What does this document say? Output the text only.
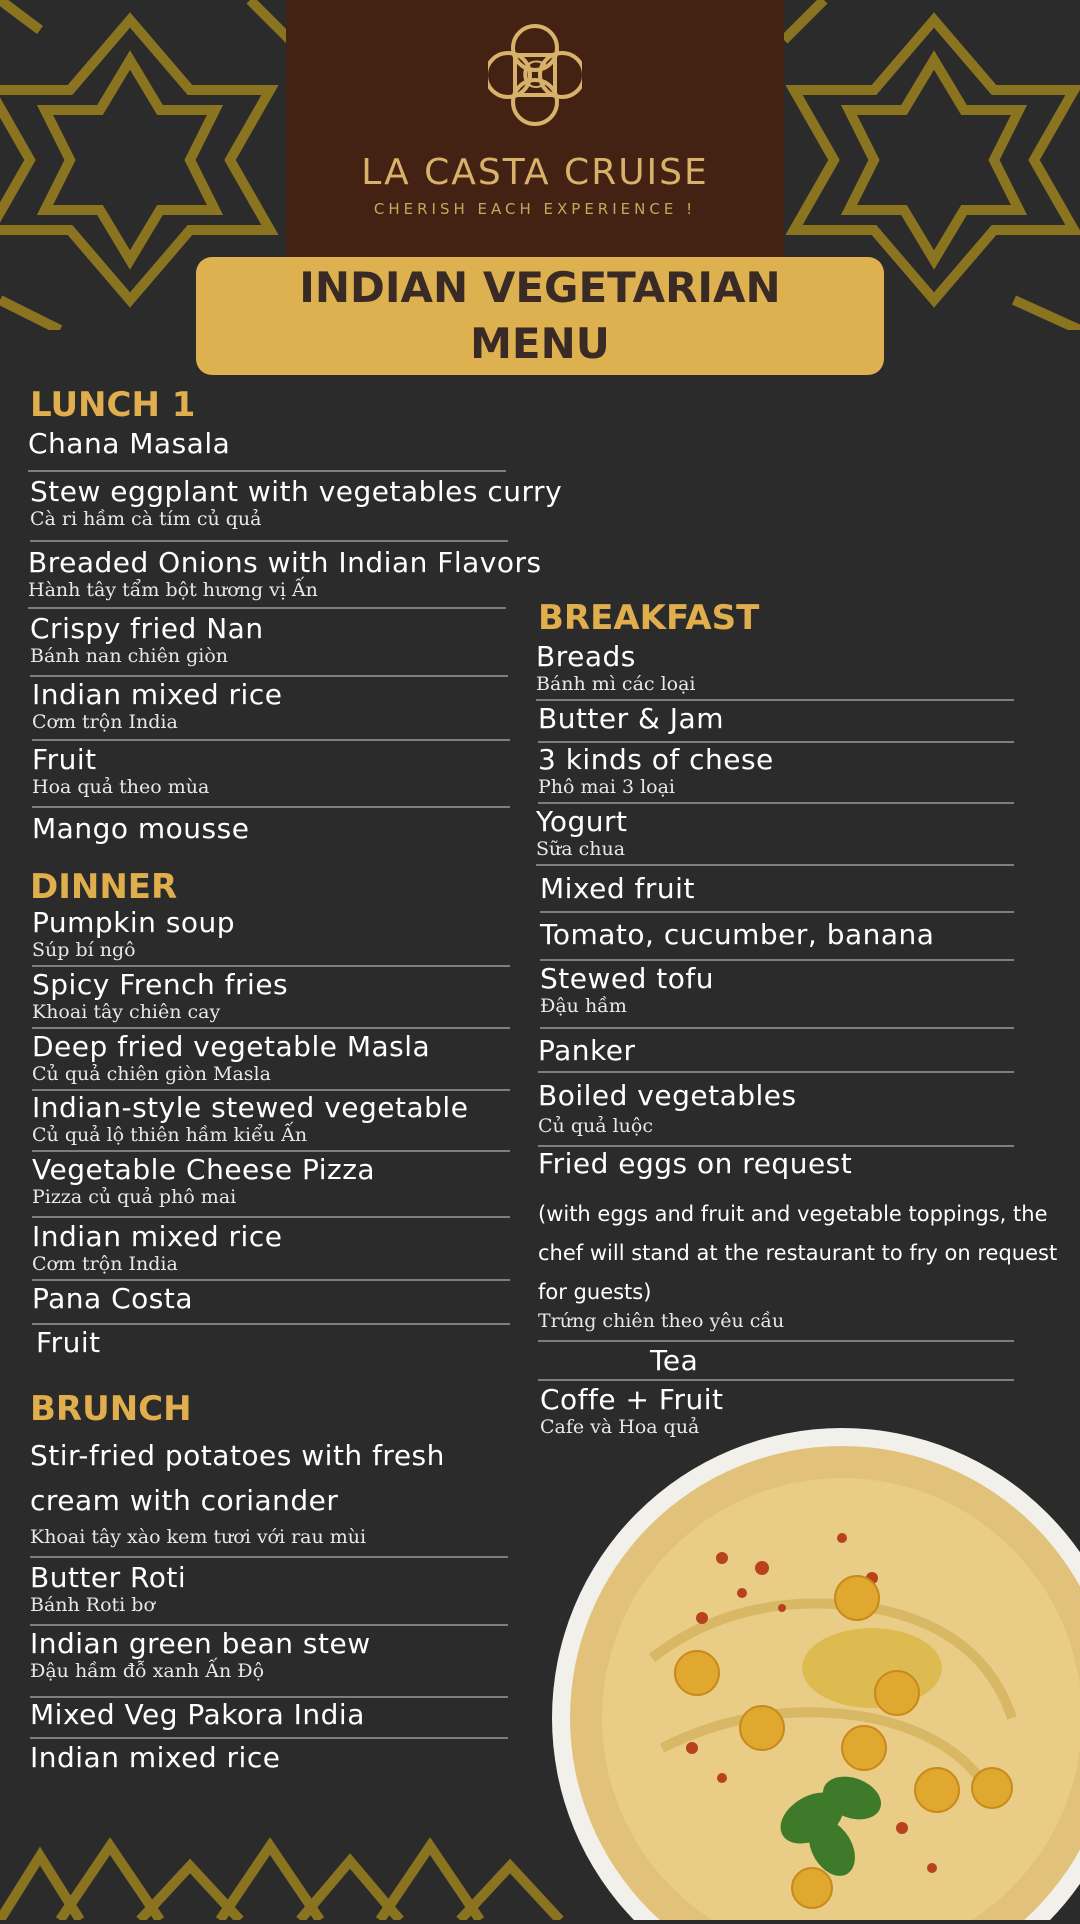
C
LA CASTA CRUISE
CHERISH EACH EXPERIENCE !
INDIAN VEGETARIAN
MENU
LUNCH 1
Chana Masala
Stew eggplant with vegetables curry
Cà ri hầm cà tím củ quả
Breaded Onions with Indian Flavors
Hành tây tẩm bột hương vị Ấn
Crispy fried Nan
Bánh nan chiên giòn
Indian mixed rice
Cơm trộn India
Fruit
Hoa quả theo mùa
Mango mousse
DINNER
Pumpkin soup
Súp bí ngô
Spicy French fries
Khoai tây chiên cay
Deep fried vegetable Masla
Củ quả chiên giòn Masla
Indian-style stewed vegetable
Củ quả lộ thiên hầm kiểu Ấn
Vegetable Cheese Pizza
Pizza củ quả phô mai
Indian mixed rice
Cơm trộn India
Pana Costa
Fruit
BRUNCH
Stir-fried potatoes with fresh
cream with coriander
Khoai tây xào kem tươi với rau mùi
Butter Roti
Bánh Roti bơ
Indian green bean stew
Đậu hầm đỗ xanh Ấn Độ
Mixed Veg Pakora India
Indian mixed rice
BREAKFAST
Breads
Bánh mì các loại
Butter & Jam
3 kinds of chese
Phô mai 3 loại
Yogurt
Sữa chua
Mixed fruit
Tomato, cucumber, banana
Stewed tofu
Đậu hầm
Panker
Boiled vegetables
Củ quả luộc
Fried eggs on request
(with eggs and fruit and vegetable toppings, the chef will stand at the restaurant to fry on request for guests)
Trứng chiên theo yêu cầu
Tea
Coffe + Fruit
Cafe và Hoa quả
